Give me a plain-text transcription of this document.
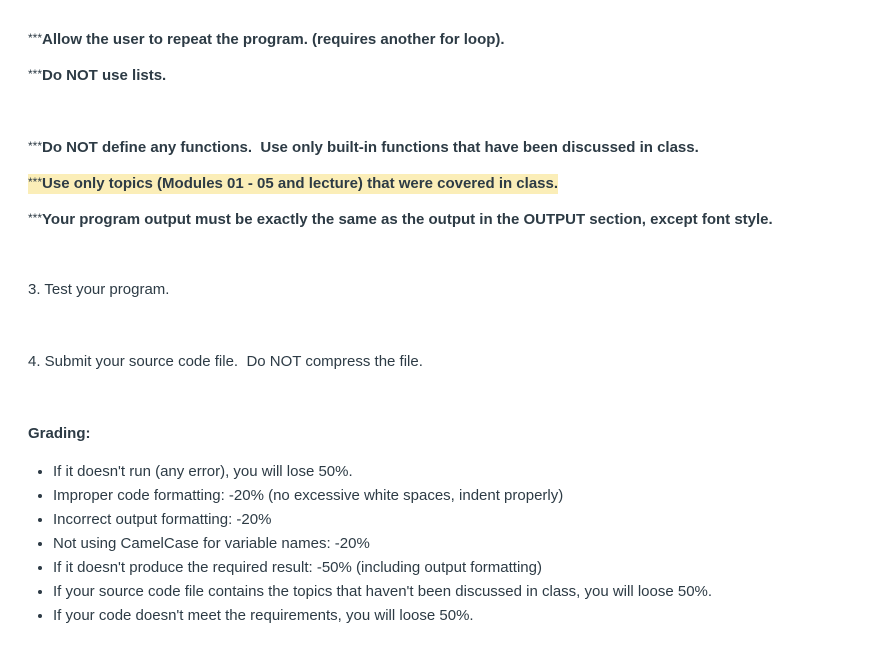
***Allow the user to repeat the program. (requires another for loop).
***Do NOT use lists.
***Do NOT define any functions.  Use only built-in functions that have been discussed in class.
***Use only topics (Modules 01 - 05 and lecture) that were covered in class.
***Your program output must be exactly the same as the output in the OUTPUT section, except font style.
3. Test your program.
4. Submit your source code file.  Do NOT compress the file.
Grading:
• If it doesn't run (any error), you will lose 50%.
• Improper code formatting: -20% (no excessive white spaces, indent properly)
• Incorrect output formatting: -20%
• Not using CamelCase for variable names: -20%
• If it doesn't produce the required result: -50% (including output formatting)
• If your source code file contains the topics that haven't been discussed in class, you will loose 50%.
• If your code doesn't meet the requirements, you will loose 50%.
